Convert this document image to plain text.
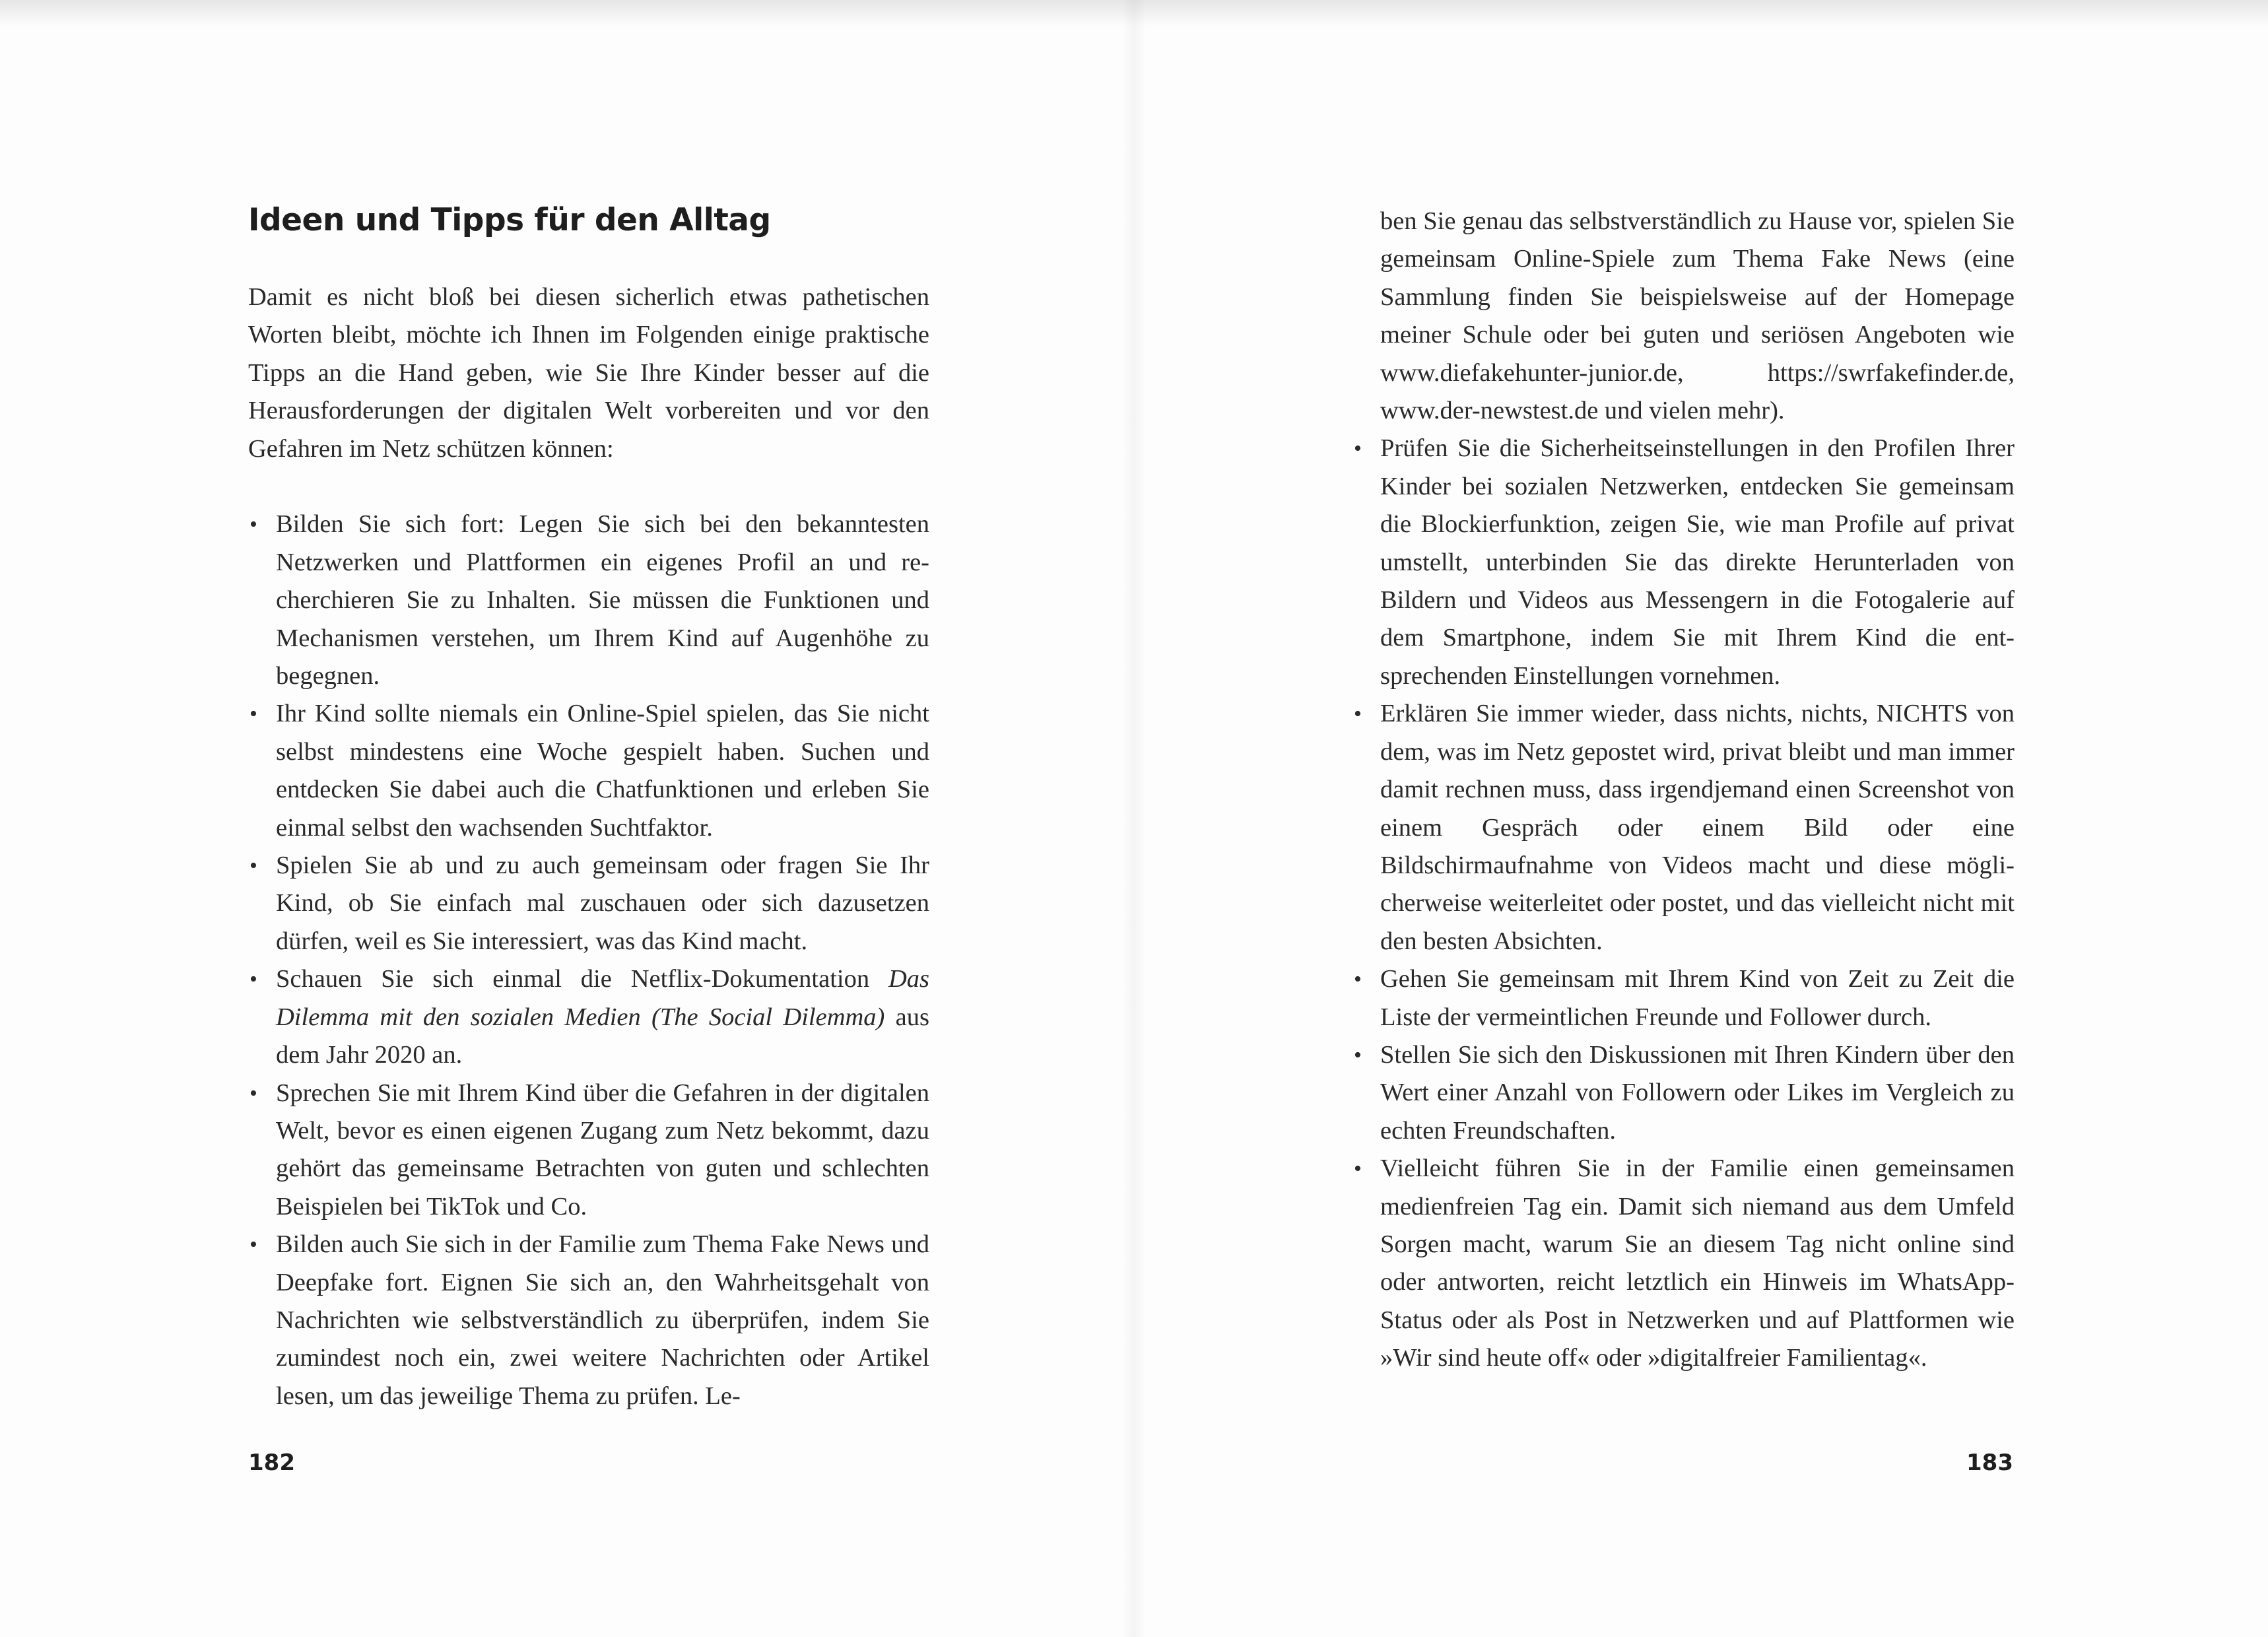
Ideen und Tipps für den Alltag

Damit es nicht bloß bei diesen sicherlich etwas pathetischen Worten bleibt, möchte ich Ihnen im Folgenden einige praktische Tipps an die Hand geben, wie Sie Ihre Kinder besser auf die Herausforderungen der digitalen Welt vorbereiten und vor den Gefahren im Netz schützen können:

• Bilden Sie sich fort: Legen Sie sich bei den bekanntesten Netzwerken und Plattformen ein eigenes Profil an und recherchieren Sie zu Inhalten. Sie müssen die Funktionen und Mechanismen verstehen, um Ihrem Kind auf Augenhöhe zu begegnen.
• Ihr Kind sollte niemals ein Online-Spiel spielen, das Sie nicht selbst mindestens eine Woche gespielt haben. Suchen und entdecken Sie dabei auch die Chatfunktionen und erleben Sie einmal selbst den wachsenden Suchtfaktor.
• Spielen Sie ab und zu auch gemeinsam oder fragen Sie Ihr Kind, ob Sie einfach mal zuschauen oder sich dazusetzen dürfen, weil es Sie interessiert, was das Kind macht.
• Schauen Sie sich einmal die Netflix-Dokumentation Das Dilemma mit den sozialen Medien (The Social Dilemma) aus dem Jahr 2020 an.
• Sprechen Sie mit Ihrem Kind über die Gefahren in der digitalen Welt, bevor es einen eigenen Zugang zum Netz bekommt, dazu gehört das gemeinsame Betrachten von guten und schlechten Beispielen bei TikTok und Co.
• Bilden auch Sie sich in der Familie zum Thema Fake News und Deepfake fort. Eignen Sie sich an, den Wahrheitsgehalt von Nachrichten wie selbstverständlich zu überprüfen, indem Sie zumindest noch ein, zwei weitere Nachrichten oder Artikel lesen, um das jeweilige Thema zu prüfen. Le-
182

ben Sie genau das selbstverständlich zu Hause vor, spielen Sie gemeinsam Online-Spiele zum Thema Fake News (eine Sammlung finden Sie beispielsweise auf der Homepage meiner Schule oder bei guten und seriösen Angeboten wie www.diefakehunter-junior.de, https://swrfakefinder.de, www.der-newstest.de und vielen mehr).

• Prüfen Sie die Sicherheitseinstellungen in den Profilen Ihrer Kinder bei sozialen Netzwerken, entdecken Sie gemeinsam die Blockierfunktion, zeigen Sie, wie man Profile auf privat umstellt, unterbinden Sie das direkte Herunterladen von Bildern und Videos aus Messengern in die Fotogalerie auf dem Smartphone, indem Sie mit Ihrem Kind die entsprechenden Einstellungen vornehmen.
• Erklären Sie immer wieder, dass nichts, nichts, NICHTS von dem, was im Netz gepostet wird, privat bleibt und man immer damit rechnen muss, dass irgendjemand einen Screenshot von einem Gespräch oder einem Bild oder eine Bildschirmaufnahme von Videos macht und diese möglicherweise weiterleitet oder postet, und das vielleicht nicht mit den besten Absichten.
• Gehen Sie gemeinsam mit Ihrem Kind von Zeit zu Zeit die Liste der vermeintlichen Freunde und Follower durch.
• Stellen Sie sich den Diskussionen mit Ihren Kindern über den Wert einer Anzahl von Followern oder Likes im Vergleich zu echten Freundschaften.
• Vielleicht führen Sie in der Familie einen gemeinsamen medienfreien Tag ein. Damit sich niemand aus dem Umfeld Sorgen macht, warum Sie an diesem Tag nicht online sind oder antworten, reicht letztlich ein Hinweis im WhatsApp-Status oder als Post in Netzwerken und auf Plattformen wie »Wir sind heute off« oder »digitalfreier Familientag«.
183
